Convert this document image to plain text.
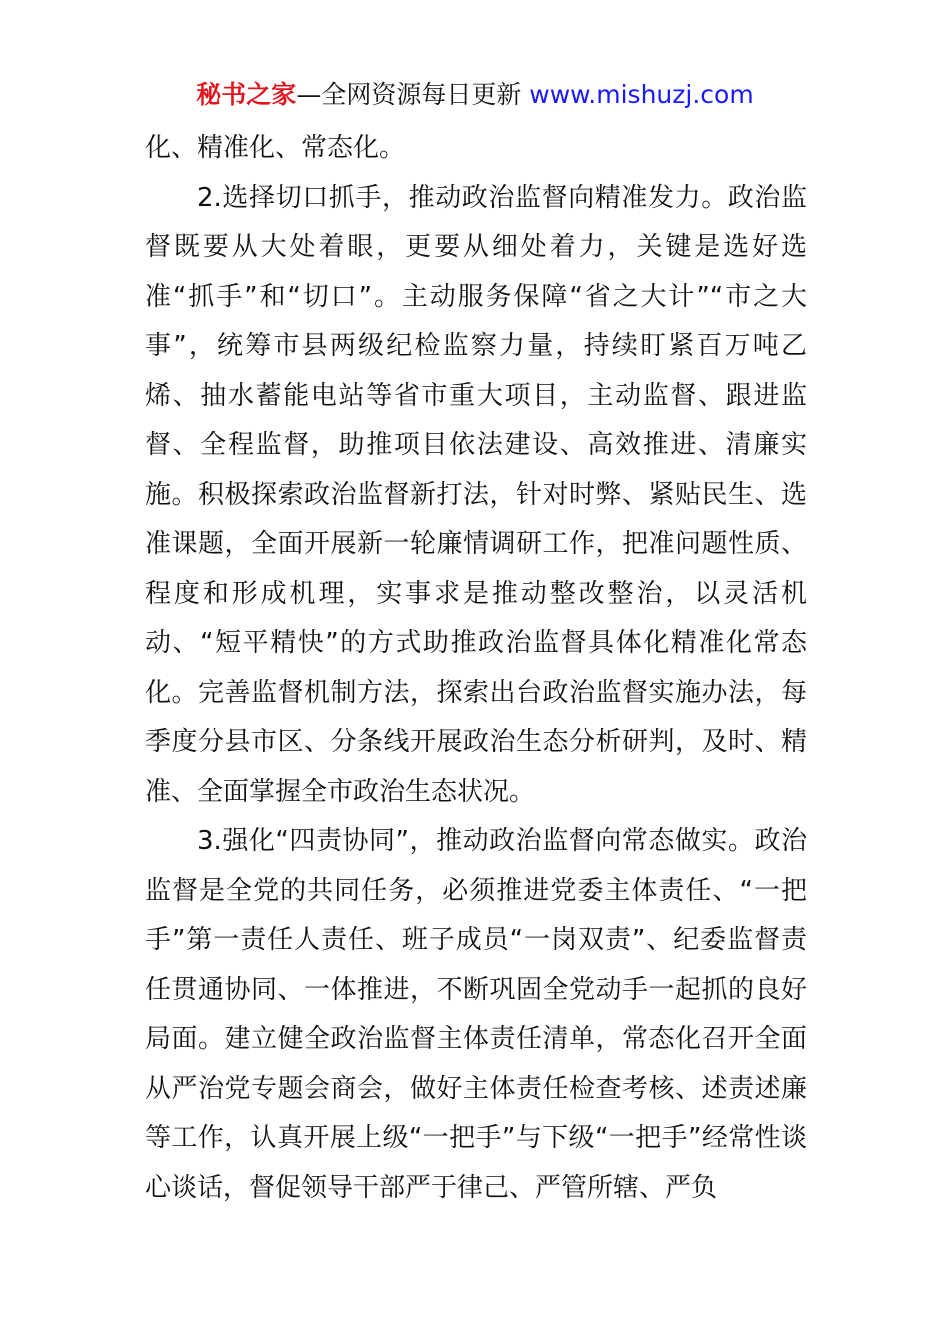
秘书之家—全网资源每日更新 www.mishuzj.com

化、精准化、常态化。

2.选择切口抓手，推动政治监督向精准发力。政治监督既要从大处着眼，更要从细处着力，关键是选好选准“抓手”和“切口”。主动服务保障“省之大计”“市之大事”，统筹市县两级纪检监察力量，持续盯紧百万吨乙烯、抽水蓄能电站等省市重大项目，主动监督、跟进监督、全程监督，助推项目依法建设、高效推进、清廉实施。积极探索政治监督新打法，针对时弊、紧贴民生、选准课题，全面开展新一轮廉情调研工作，把准问题性质、程度和形成机理，实事求是推动整改整治，以灵活机动、“短平精快”的方式助推政治监督具体化精准化常态化。完善监督机制方法，探索出台政治监督实施办法，每季度分县市区、分条线开展政治生态分析研判，及时、精准、全面掌握全市政治生态状况。

3.强化“四责协同”，推动政治监督向常态做实。政治监督是全党的共同任务，必须推进党委主体责任、“一把手”第一责任人责任、班子成员“一岗双责”、纪委监督责任贯通协同、一体推进，不断巩固全党动手一起抓的良好局面。建立健全政治监督主体责任清单，常态化召开全面从严治党专题会商会，做好主体责任检查考核、述责述廉等工作，认真开展上级“一把手”与下级“一把手”经常性谈心谈话，督促领导干部严于律己、严管所辖、严负
